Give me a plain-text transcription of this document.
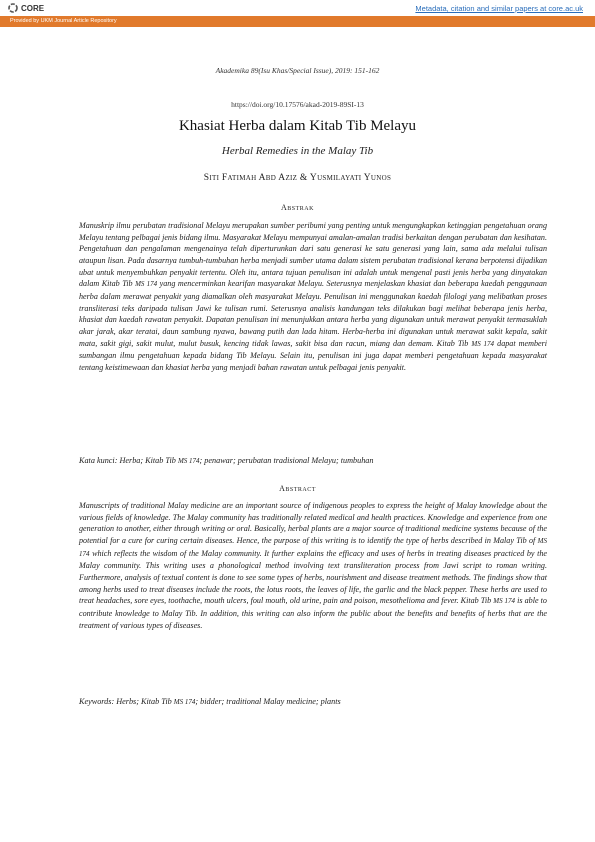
CORE	Metadata, citation and similar papers at core.ac.uk
Provided by UKM Journal Article Repository
Akademika 89(Isu Khas/Special Issue), 2019: 151-162
https://doi.org/10.17576/akad-2019-89SI-13
Khasiat Herba dalam Kitab Tib Melayu
Herbal Remedies in the Malay Tib
Siti Fatimah Abd Aziz & Yusmilayati Yunos
Abstrak
Manuskrip ilmu perubatan tradisional Melayu merupakan sumber peribumi yang penting untuk mengungkapkan ketinggian pengetahuan orang Melayu tentang pelbagai jenis bidang ilmu. Masyarakat Melayu mempunyai amalan-amalan tradisi berkaitan dengan perubatan dan kesihatan. Pengetahuan dan pengalaman mengenainya telah diperturunkan dari satu generasi ke satu generasi yang lain, sama ada melalui tulisan ataupun lisan. Pada dasarnya tumbuh-tumbuhan herba menjadi sumber utama dalam sistem perubatan tradisional kerana berpotensi dijadikan ubat untuk menyembuhkan penyakit tertentu. Oleh itu, antara tujuan penulisan ini adalah untuk mengenal pasti jenis herba yang dinyatakan dalam Kitab Tib MS 174 yang mencerminkan kearifan masyarakat Melayu. Seterusnya menjelaskan khasiat dan beberapa kaedah penggunaan herba dalam merawat penyakit yang diamalkan oleh masyarakat Melayu. Penulisan ini menggunakan kaedah filologi yang melibatkan proses transliterasi teks daripada tulisan Jawi ke tulisan rumi. Seterusnya analisis kandungan teks dilakukan bagi melihat beberapa jenis herba, khasiat dan kaedah rawatan penyakit. Dapatan penulisan ini menunjukkan antara herba yang digunakan untuk merawat penyakit termasuklah akar jarak, akar teratai, daun sambung nyawa, bawang putih dan lada hitam. Herba-herba ini digunakan untuk merawat sakit kepala, sakit mata, sakit gigi, sakit mulut, mulut busuk, kencing tidak lawas, sakit bisa dan racun, miang dan demam. Kitab Tib MS 174 dapat memberi sumbangan ilmu pengetahuan kepada bidang Tib Melayu. Selain itu, penulisan ini juga dapat memberi pengetahuan kepada masyarakat tentang keistimewaan dan khasiat herba yang menjadi bahan rawatan untuk pelbagai jenis penyakit.
Kata kunci: Herba; Kitab Tib MS 174; penawar; perubatan tradisional Melayu; tumbuhan
Abstract
Manuscripts of traditional Malay medicine are an important source of indigenous peoples to express the height of Malay knowledge about the various fields of knowledge. The Malay community has traditionally related medical and health practices. Knowledge and experience from one generation to another, either through writing or oral. Basically, herbal plants are a major source of traditional medicine systems because of the potential for a cure for curing certain diseases. Hence, the purpose of this writing is to identify the type of herbs described in Malay Tib of MS 174 which reflects the wisdom of the Malay community. It further explains the efficacy and uses of herbs in treating diseases practiced by the Malay community. This writing uses a phonological method involving text transliteration process from Jawi script to roman writing. Furthermore, analysis of textual content is done to see some types of herbs, nourishment and disease treatment methods. The findings show that among herbs used to treat diseases include the roots, the lotus roots, the leaves of life, the garlic and the black pepper. These herbs are used to treat headaches, sore eyes, toothache, mouth ulcers, foul mouth, old urine, pain and poison, mesothelioma and fever. Kitab Tib MS 174 is able to contribute knowledge to Malay Tib. In addition, this writing can also inform the public about the benefits and benefits of herbs that are the treatment of various types of diseases.
Keywords: Herbs; Kitab Tib MS 174; bidder; traditional Malay medicine; plants
